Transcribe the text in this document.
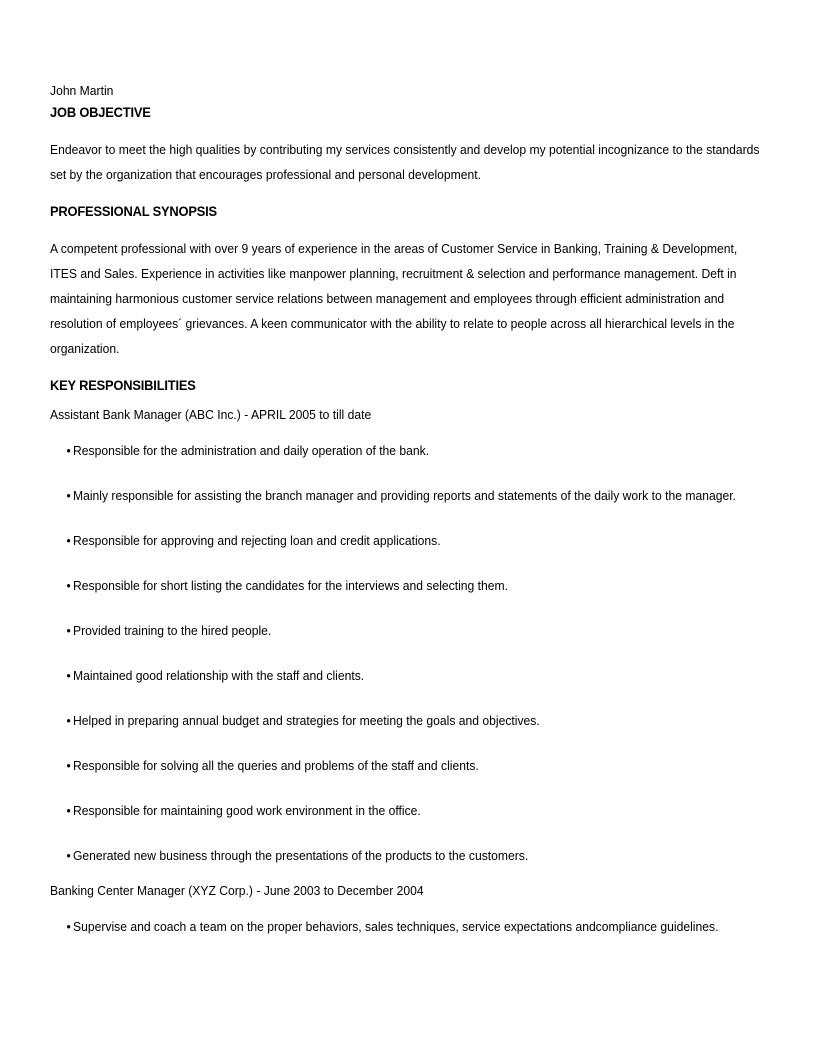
John Martin
JOB OBJECTIVE

Endeavor to meet the high qualities by contributing my services consistently and develop my potential incognizance to the standards set by the organization that encourages professional and personal development.

PROFESSIONAL SYNOPSIS

A competent professional with over 9 years of experience in the areas of Customer Service in Banking, Training & Development, ITES and Sales. Experience in activities like manpower planning, recruitment & selection and performance management. Deft in maintaining harmonious customer service relations between management and employees through efficient administration and resolution of employees´ grievances. A keen communicator with the ability to relate to people across all hierarchical levels in the organization.

KEY RESPONSIBILITIES

Assistant Bank Manager (ABC Inc.) - APRIL 2005 to till date

• Responsible for the administration and daily operation of the bank.
• Mainly responsible for assisting the branch manager and providing reports and statements of the daily work to the manager.
• Responsible for approving and rejecting loan and credit applications.
• Responsible for short listing the candidates for the interviews and selecting them.
• Provided training to the hired people.
• Maintained good relationship with the staff and clients.
• Helped in preparing annual budget and strategies for meeting the goals and objectives.
• Responsible for solving all the queries and problems of the staff and clients.
• Responsible for maintaining good work environment in the office.
• Generated new business through the presentations of the products to the customers.

Banking Center Manager (XYZ Corp.) - June 2003 to December 2004

• Supervise and coach a team on the proper behaviors, sales techniques, service expectations andcompliance guidelines.
